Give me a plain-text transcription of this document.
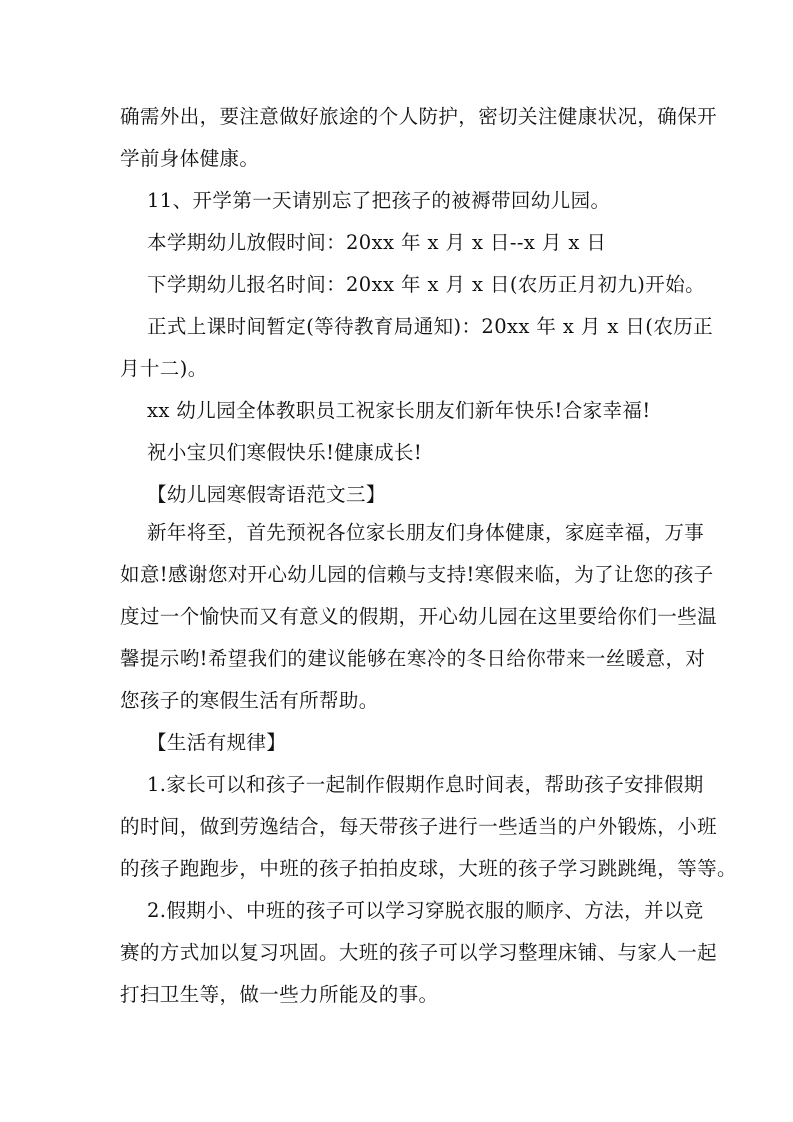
确需外出，要注意做好旅途的个人防护，密切关注健康状况，确保开
学前身体健康。
11、开学第一天请别忘了把孩子的被褥带回幼儿园。
本学期幼儿放假时间：20xx 年 x 月 x 日--x 月 x 日
下学期幼儿报名时间：20xx 年 x 月 x 日(农历正月初九)开始。
正式上课时间暂定(等待教育局通知)：20xx 年 x 月 x 日(农历正
月十二)。
xx 幼儿园全体教职员工祝家长朋友们新年快乐!合家幸福!
祝小宝贝们寒假快乐!健康成长!
【幼儿园寒假寄语范文三】
新年将至，首先预祝各位家长朋友们身体健康，家庭幸福，万事
如意!感谢您对开心幼儿园的信赖与支持!寒假来临，为了让您的孩子
度过一个愉快而又有意义的假期，开心幼儿园在这里要给你们一些温
馨提示哟!希望我们的建议能够在寒冷的冬日给你带来一丝暖意，对
您孩子的寒假生活有所帮助。
【生活有规律】
1.家长可以和孩子一起制作假期作息时间表，帮助孩子安排假期
的时间，做到劳逸结合，每天带孩子进行一些适当的户外锻炼，小班
的孩子跑跑步，中班的孩子拍拍皮球，大班的孩子学习跳跳绳，等等。
2.假期小、中班的孩子可以学习穿脱衣服的顺序、方法，并以竞
赛的方式加以复习巩固。大班的孩子可以学习整理床铺、与家人一起
打扫卫生等，做一些力所能及的事。
